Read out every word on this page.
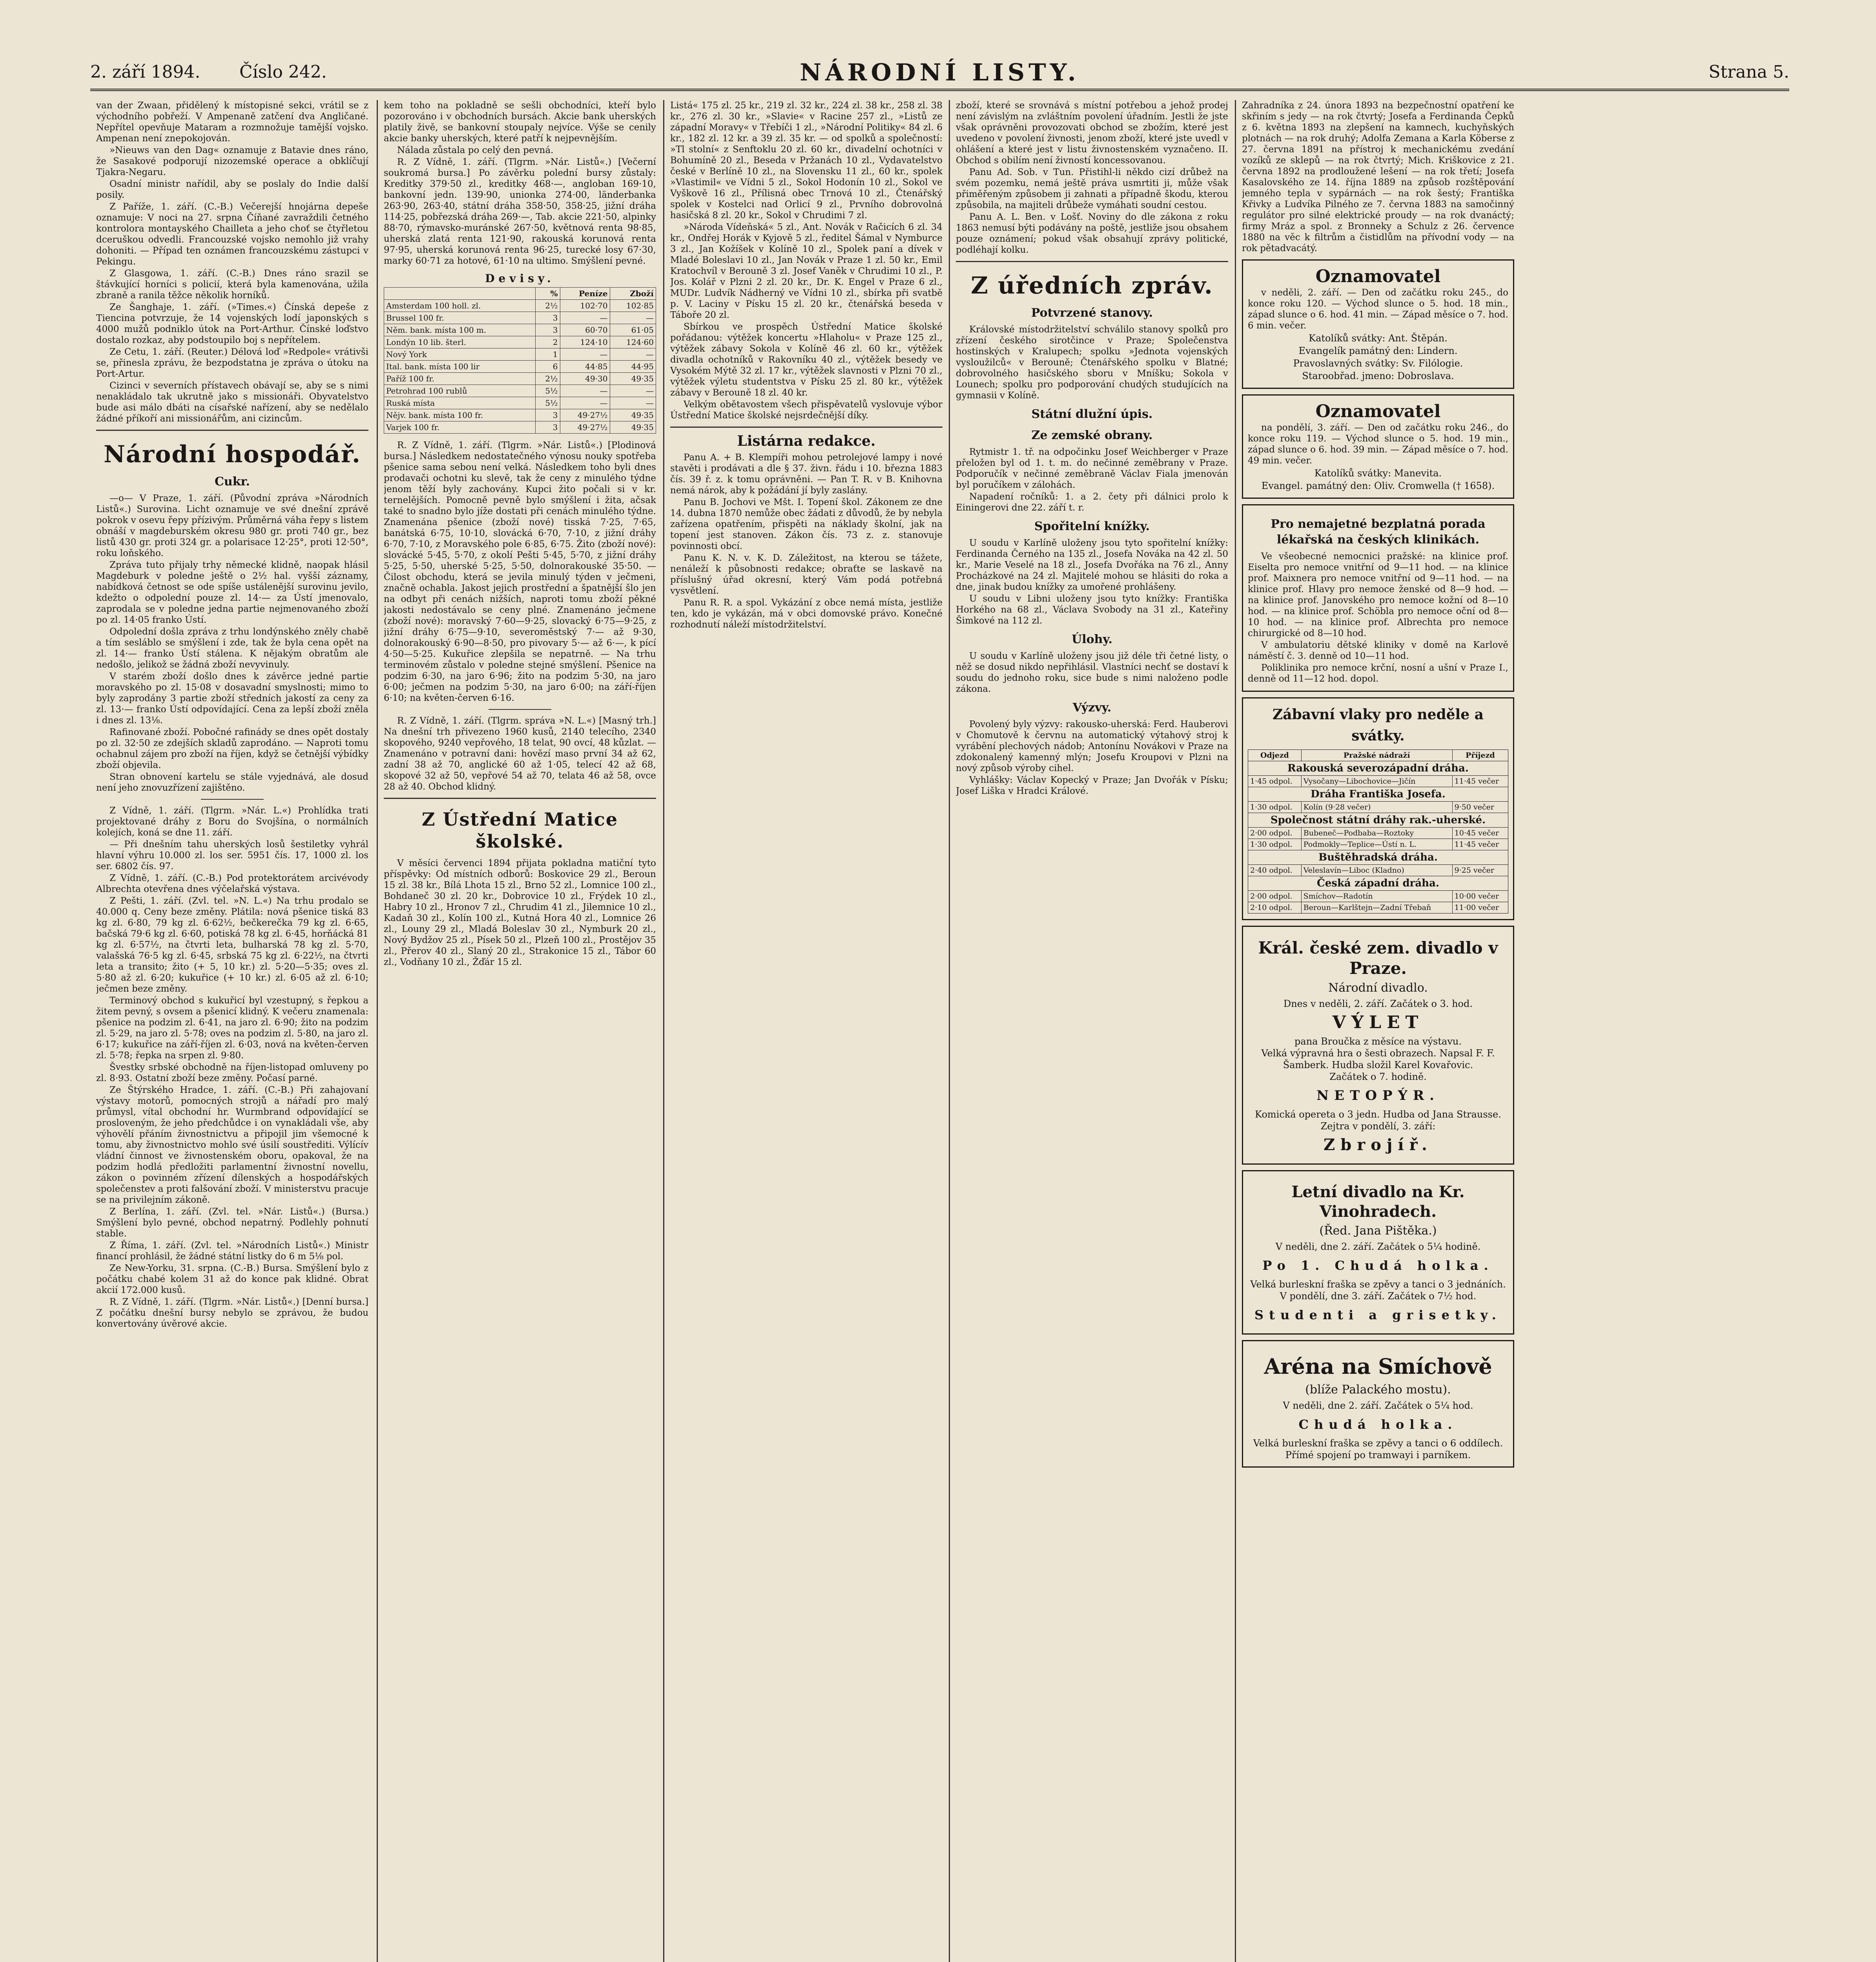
2. září 1894. Číslo 242.	NÁRODNÍ LISTY.	Strana 5.

van der Zwaan, přidělený k místopisné sekci, vrátil se z východního pobřeží. V Ampenaně zatčení dva Angličané. Nepřítel opevňuje Mataram a rozmnožuje tamější vojsko. Ampenan není znepokojován.

»Nieuws van den Dag« oznamuje z Batavie dnes ráno, že Sasakové podporují nizozemské operace a obklíčují Tjakra-Negaru.

Osadní ministr nařídil, aby se poslaly do Indie další posily.

Z Paříže, 1. září. (C.-B.) Večerejší hnojárna depeše oznamuje: V noci na 27. srpna Číňané zavraždili četného kontrolora montayského Chailleta a jeho choť se čtyřletou dceruškou odvedli. Francouzské vojsko nemohlo již vrahy dohoniti. — Případ ten oznámen francouzskému zástupci v Pekingu.

Z Glasgowa, 1. září. (C.-B.) Dnes ráno srazil se štávkující horníci s policií, která byla kamenována, užila zbraně a ranila těžce několik horníků.

Ze Šanghaje, 1. září. (»Times.«) Čínská depeše z Tiencina potvrzuje, že 14 vojenských lodí japonských s 4000 mužů podniklo útok na Port-Arthur. Čínské loďstvo dostalo rozkaz, aby podstoupilo boj s nepřítelem.

Ze Cetu, 1. září. (Reuter.) Délová loď »Redpole« vrátivši se, přinesla zprávu, že bezpodstatna je zpráva o útoku na Port-Artur.

Cizinci v severních přístavech obávají se, aby se s nimi nenakládalo tak ukrutně jako s missionáři. Obyvatelstvo bude asi málo dbáti na císařské nařízení, aby se nedělalo žádné příkoří ani missionářům, ani cizincům.

Národní hospodář.
Cukr.

—o— V Praze, 1. září. (Původní zpráva »Národních Listů«.) Surovina. Licht oznamuje ve své dnešní zprávě pokrok v osevu řepy přízivým. Průměrná váha řepy s listem obnáší v magdeburském okresu 980 gr. proti 740 gr., bez listů 430 gr. proti 324 gr. a polarisace 12·25°, proti 12·50°, roku loňského.

Zpráva tuto přijaly trhy německé klidně, naopak hlásil Magdeburk v poledne ještě o 2½ hal. vyšší záznamy, nabídková četnost se ode spíše ustálenější surovinu jevilo, kdežto o odpolední pouze zl. 14·— za Ústí jmenovalo, zaprodala se v poledne jedna partie nejmenovaného zboží po zl. 14·05 franko Ústí.

Odpolední došla zpráva z trhu londýnského zněly chabě a tím sesláblo se smýšlení i zde, tak že byla cena opět na zl. 14·— franko Ústí stálena. K nějakým obratům ale nedošlo, jelikož se žádná zboží nevyvinuly.

V starém zboží došlo dnes k závěrce jedné partie moravského po zl. 15·08 v dosavadní smyslnosti; mimo to byly zaprodány 3 partie zboží středních jakostí za ceny za zl. 13·— franko Ústí odpovídající. Cena za lepší zboží zněla i dnes zl. 13⅛.

Rafinované zboží. Pobočné rafinády se dnes opět dostaly po zl. 32·50 ze zdejších skladů zaprodáno. — Naproti tomu ochabnul zájem pro zboží na říjen, když se četnější výbídky zboží objevila.

Stran obnovení kartelu se stále vyjednává, ale dosud není jeho znovuzřízení zajištěno.

Z Vídně, 1. září. (Tlgrm. »Nár. L.«) Prohlídka trati projektované dráhy z Boru do Svojšína, o normálních kolejích, koná se dne 11. září.

— Při dnešním tahu uherských losů šestiletky vyhrál hlavní výhru 10.000 zl. los ser. 5951 čís. 17, 1000 zl. los ser. 6802 čís. 97.

Z Vídně, 1. září. (C.-B.) Pod protektorátem arcivévody Albrechta otevřena dnes výčelařská výstava.

Z Pešti, 1. září. (Zvl. tel. »N. L.«) Na trhu prodalo se 40.000 q. Ceny beze změny. Plátila: nová pšenice tiská 83 kg zl. 6·80, 79 kg zl. 6·62½, bečkerečka 79 kg zl. 6·65, bačská 79·6 kg zl. 6·60, potiská 78 kg zl. 6·45, horňácká 81 kg zl. 6·57½, na čtvrti leta, bulharská 78 kg zl. 5·70, valašská 76·5 kg zl. 6·45, srbská 75 kg zl. 6·22½, na čtvrti leta a transito; žito (+ 5, 10 kr.) zl. 5·20—5·35; oves zl. 5·80 až zl. 6·20; kukuřice (+ 10 kr.) zl. 6·05 až zl. 6·10; ječmen beze změny.

Terminový obchod s kukuřicí byl vzestupný, s řepkou a žitem pevný, s ovsem a pšenicí klidný. K večeru znamenala: pšenice na podzim zl. 6·41, na jaro zl. 6·90; žito na podzim zl. 5·29, na jaro zl. 5·78; oves na podzim zl. 5·80, na jaro zl. 6·17; kukuřice na září-říjen zl. 6·03, nová na květen-červen zl. 5·78; řepka na srpen zl. 9·80.

Švestky srbské obchodně na říjen-listopad omluveny po zl. 8·93. Ostatní zboží beze změny. Počasí parné.

Ze Štýrského Hradce, 1. září. (C.-B.) Při zahajovaní výstavy motorů, pomocných strojů a nářadí pro malý průmysl, vítal obchodní hr. Wurmbrand odpovídající se prosloveným, že jeho předchůdce i on vynakládali vše, aby výhovělí přáním živnostnictvu a připojil jim všemocné k tomu, aby živnostnictvo mohlo své úsilí soustřediti. Výlícív vládní činnost ve živnostenském oboru, opakoval, že na podzim hodlá předložiti parlamentní živnostní novellu, zákon o povinném zřízení dílenských a hospodářských společenstev a proti falšování zboží. V ministerstvu pracuje se na privilejním zákoně.

Z Berlína, 1. září. (Zvl. tel. »Nár. Listů«.) (Bursa.) Smýšlení bylo pevné, obchod nepatrný. Podlehly pohnutí stable.

Z Říma, 1. září. (Zvl. tel. »Národních Listů«.) Ministr financí prohlásil, že žádné státní listky do 6 m 5⅛ pol.

Ze New-Yorku, 31. srpna. (C.-B.) Bursa. Smýšlení bylo z počátku chabé kolem 31 až do konce pak klidné. Obrat akcií 172.000 kusů.

R. Z Vídně, 1. září. (Tlgrm. »Nár. Listů«.) [Denní bursa.] Z počátku dnešní bursy nebylo se zprávou, že budou konvertovány úvěrové akcie.

kem toho na pokladně se sešli obchodníci, kteří bylo pozorováno i v obchodních bursách. Akcie bank uherských platily živě, se bankovní stoupaly nejvíce. Výše se cenily akcie banky uherských, které patří k nejpevnějším.

Nálada zůstala po celý den pevná.

R. Z Vídně, 1. září. (Tlgrm. »Nár. Listů«.) [Večerní soukromá bursa.] Po závěrku polední bursy zůstaly: Kreditky 379·50 zl., kreditky 468·—, angloban 169·10, bankovní jedn. 139·90, unionka 274·00, länderbanka 263·90, 263·40, státní dráha 358·50, 358·25, jižní dráha 114·25, pobřezská dráha 269·—, Tab. akcie 221·50, alpinky 88·70, rýmavsko-muránské 267·50, květnová renta 98·85, uherská zlatá renta 121·90, rakouská korunová renta 97·95, uherská korunová renta 96·25, turecké losy 67·30, marky 60·71 za hotové, 61·10 na ultimo. Smýšlení pevné.

Devisy.
	%	Peníze	Zboží
Amsterdam 100 holl. zl.	2½	102·70	102·85
Brussel 100 fr.	3	—	—
Něm. bank. místa 100 m.	3	60·70	61·05
Londýn 10 lib. šterl.	2	124·10	124·60
Nový York	1	—	—
Ital. bank. místa 100 lir	6	44·85	44·95
Paříž 100 fr.	2½	49·30	49·35
Petrohrad 100 rublů	5½	—	—
Ruská místa	5½	—	—
Nějv. bank. místa 100 fr.	3	49·27½	49·35
Varjek 100 fr.	3	49·27½	49·35

R. Z Vídně, 1. září. (Tlgrm. »Nár. Listů«.) [Plodinová bursa.] Následkem nedostatečného výnosu nouky spotřeba pšenice sama sebou není velká. Následkem toho byli dnes prodavači ochotni ku slevě, tak že ceny z minulého týdne jenom těží byly zachovány. Kupci žito počali si v kr. ternelějších. Pomocně pevně bylo smýšlení i žita, ačsak také to snadno bylo jíže dostati při cenách minulého týdne. Znamenána pšenice (zboží nové) tisská 7·25, 7·65, banátská 6·75, 10·10, slovácká 6·70, 7·10, z jižní dráhy 6·70, 7·10, z Moravského pole 6·85, 6·75. Žito (zboží nové): slovácké 5·45, 5·70, z okolí Pešti 5·45, 5·70, z jižní dráhy 5·25, 5·50, uherské 5·25, 5·50, dolnorakouské 35·50. — Čilost obchodu, která se jevila minulý týden v ječmeni, značně ochabla. Jakost jejich prostřední a špatnější šlo jen na odbyt při cenách nižších, naproti tomu zboží pěkné jakosti nedostávalo se ceny plné. Znamenáno ječmene (zboží nové): moravský 7·60—9·25, slovacký 6·75—9·25, z jižní dráhy 6·75—9·10, severoměstský 7·— až 9·30, dolnorakouský 6·90—8·50, pro pivovary 5·— až 6·—, k pící 4·50—5·25. Kukuřice zlepšila se nepatrně. — Na trhu terminovém zůstalo v poledne stejné smýšlení. Pšenice na podzim 6·30, na jaro 6·96; žito na podzim 5·30, na jaro 6·00; ječmen na podzim 5·30, na jaro 6·00; na září-říjen 6·10; na květen-červen 6·16.

R. Z Vídně, 1. září. (Tlgrm. správa »N. L.«) [Masný trh.] Na dnešní trh přivezeno 1960 kusů, 2140 telecího, 2340 skopového, 9240 vepřového, 18 telat, 90 ovcí, 48 kůzlat. — Znamenáno v potravní dani: hovězí maso první 34 až 62, zadní 38 až 70, anglické 60 až 1·05, telecí 42 až 68, skopové 32 až 50, vepřové 54 až 70, telata 46 až 58, ovce 28 až 40. Obchod klidný.

Z Ústřední Matice školské.

V měsíci červenci 1894 přijata pokladna matiční tyto příspěvky: Od místních odborů: Boskovice 29 zl., Beroun 15 zl. 38 kr., Bílá Lhota 15 zl., Brno 52 zl., Lomnice 100 zl., Bohdaneč 30 zl. 20 kr., Dobrovice 10 zl., Frýdek 10 zl., Habry 10 zl., Hronov 7 zl., Chrudim 41 zl., Jilemnice 10 zl., Kadaň 30 zl., Kolín 100 zl., Kutná Hora 40 zl., Lomnice 26 zl., Louny 29 zl., Mladá Boleslav 30 zl., Nymburk 20 zl., Nový Bydžov 25 zl., Písek 50 zl., Plzeň 100 zl., Prostějov 35 zl., Přerov 40 zl., Slaný 20 zl., Strakonice 15 zl., Tábor 60 zl., Vodňany 10 zl., Žďár 15 zl.

Listá« 175 zl. 25 kr., 219 zl. 32 kr., 224 zl. 38 kr., 258 zl. 38 kr., 276 zl. 30 kr., »Slavie« v Racine 257 zl., »Listů ze západní Moravy« v Třebíči 1 zl., »Národní Politiky« 84 zl. 6 kr., 182 zl. 12 kr. a 39 zl. 35 kr. — od spolků a společností: »Tl stolní« z Senftoklu 20 zl. 60 kr., divadelní ochotníci v Bohumíně 20 zl., Beseda v Pržanách 10 zl., Vydavatelstvo české v Berlíně 10 zl., na Slovensku 11 zl., 60 kr., spolek »Vlastimil« ve Vídni 5 zl., Sokol Hodonín 10 zl., Sokol ve Vyškově 16 zl., Přílisná obec Trnová 10 zl., Čtenářský spolek v Kostelci nad Orlicí 9 zl., Prvního dobrovolná hasičská 8 zl. 20 kr., Sokol v Chrudimi 7 zl.

»Národa Vídeňská« 5 zl., Ant. Novák v Račicích 6 zl. 34 kr., Ondřej Horák v Kyjově 5 zl., ředitel Šámal v Nymburce 3 zl., Jan Kožíšek v Kolíně 10 zl., Spolek paní a dívek v Mladé Boleslavi 10 zl., Jan Novák v Praze 1 zl. 50 kr., Emil Kratochvíl v Berouně 3 zl. Josef Vaněk v Chrudimi 10 zl., P. Jos. Kolář v Plzni 2 zl. 20 kr., Dr. K. Engel v Praze 6 zl., MUDr. Ludvík Nádherný ve Vídni 10 zl., sbírka při svatbě p. V. Laciny v Písku 15 zl. 20 kr., čtenářská beseda v Táboře 20 zl.

Sbírkou ve prospěch Ústřední Matice školské pořádanou: výtěžek koncertu »Hlaholu« v Praze 125 zl., výtěžek zábavy Sokola v Kolíně 46 zl. 60 kr., výtěžek divadla ochotníků v Rakovníku 40 zl., výtěžek besedy ve Vysokém Mýtě 32 zl. 17 kr., výtěžek slavnosti v Plzni 70 zl., výtěžek výletu studentstva v Písku 25 zl. 80 kr., výtěžek zábavy v Berouně 18 zl. 40 kr.

Velkým obětavostem všech přispěvatelů vyslovuje výbor Ústřední Matice školské nejsrdečnější díky.

Listárna redakce.

Panu A. + B. Klempíři mohou petrolejové lampy i nové stavěti i prodávati a dle § 37. živn. řádu i 10. března 1883 čís. 39 ř. z. k tomu oprávněni. — Pan T. R. v B. Knihovna nemá nárok, aby k požádání jí byly zaslány.

Panu B. Jochovi ve Mšt. I. Topení škol. Zákonem ze dne 14. dubna 1870 nemůže obec žádati z důvodů, že by nebyla zařízena opatřením, přispěti na náklady školní, jak na topení jest stanoven. Zákon čís. 73 z. z. stanovuje povinnosti obcí.

Panu K. N. v. K. D. Záležitost, na kterou se tážete, nenáleží k působnosti redakce; obraťte se laskavě na příslušný úřad okresní, který Vám podá potřebná vysvětlení.

Panu R. R. a spol. Vykázání z obce nemá místa, jestliže ten, kdo je vykázán, má v obci domovské právo. Konečné rozhodnutí náleží místodržitelství.

zboží, které se srovnává s místní potřebou a jehož prodej není závislým na zvláštním povolení úřadním. Jestli že jste však oprávněni provozovati obchod se zbožím, které jest uvedeno v povolení živnosti, jenom zboží, které jste uvedl v ohlášení a které jest v listu živnostenském vyznačeno. II. Obchod s obilím není živností koncessovanou.

Panu Ad. Sob. v Tun. Přistihl-li někdo cizí drůbež na svém pozemku, nemá ještě práva usmrtiti ji, může však přiměřeným způsobem ji zahnati a případně škodu, kterou způsobila, na majiteli drůbeže vymáhati soudní cestou.

Panu A. L. Ben. v Lošť. Noviny do dle zákona z roku 1863 nemusí býti podávány na poště, jestliže jsou obsahem pouze oznámení; pokud však obsahují zprávy politické, podléhají kolku.

Z úředních zpráv.
Potvrzené stanovy.

Královské místodržitelství schválilo stanovy spolků pro zřízení českého sirotčince v Praze; Společenstva hostinských v Kralupech; spolku »Jednota vojenských vysloužilců« v Berouně; Čtenářského spolku v Blatné; dobrovolného hasičského sboru v Mníšku; Sokola v Lounech; spolku pro podporování chudých studujících na gymnasii v Kolíně.

Státní dlužní úpis.
Ze zemské obrany.

Rytmistr 1. tř. na odpočinku Josef Weichberger v Praze přeložen byl od 1. t. m. do nečinné zeměbrany v Praze. Podporučík v nečinné zeměbraně Václav Fiala jmenován byl poručíkem v zálohách.

Napadení ročníků: 1. a 2. čety při dálnici prolo k Einingerovi dne 22. září t. r.

Spořitelní knížky.

U soudu v Karlíně uloženy jsou tyto spořitelní knížky: Ferdinanda Černého na 135 zl., Josefa Nováka na 42 zl. 50 kr., Marie Veselé na 18 zl., Josefa Dvořáka na 76 zl., Anny Procházkové na 24 zl. Majitelé mohou se hlásiti do roka a dne, jinak budou knížky za umořené prohlášeny.

U soudu v Libni uloženy jsou tyto knížky: Františka Horkého na 68 zl., Václava Svobody na 31 zl., Kateřiny Šimkové na 112 zl.

Úlohy.

U soudu v Karlíně uloženy jsou již déle tři četné listy, o něž se dosud nikdo nepřihlásil. Vlastníci nechť se dostaví k soudu do jednoho roku, sice bude s nimi naloženo podle zákona.

Výzvy.

Povolený byly výzvy: rakousko-uherská: Ferd. Hauberovi v Chomutově k červnu na automatický výtahový stroj k vyrábění plechových nádob; Antonínu Novákovi v Praze na zdokonalený kamenný mlýn; Josefu Kroupovi v Plzni na nový způsob výroby cihel.

Vyhlášky: Václav Kopecký v Praze; Jan Dvořák v Písku; Josef Liška v Hradci Králové.

Zahradníka z 24. února 1893 na bezpečnostní opatření ke skřiním s jedy — na rok čtvrtý; Josefa a Ferdinanda Čepků z 6. května 1893 na zlepšení na kamnech, kuchyňských plotnách — na rok druhý; Adolfa Zemana a Karla Köberse z 27. června 1891 na přístroj k mechanickému zvedání vozíků ze sklepů — na rok čtvrtý; Mich. Kriškovice z 21. června 1892 na prodloužené lešení — na rok třetí; Josefa Kasalovského ze 14. října 1889 na způsob rozštěpování jemného tepla v sypárnách — na rok šestý; Františka Křivky a Ludvíka Pilného ze 7. června 1883 na samočinný regulátor pro silné elektrické proudy — na rok dvanáctý; firmy Mráz a spol. z Bronneky a Schulz z 26. července 1880 na věc k filtrům a čistidlům na přívodní vody — na rok pětadvacátý.

Oznamovatel

v neděli, 2. září. — Den od začátku roku 245., do konce roku 120. — Východ slunce o 5. hod. 18 min., západ slunce o 6. hod. 41 min. — Západ měsíce o 7. hod. 6 min. večer.

Katolíků svátky: Ant. Štěpán.
Evangelík památný den: Lindern.
Pravoslavných svátky: Sv. Filólogie.
Staroobřad. jmeno: Dobroslava.
Oznamovatel

na pondělí, 3. září. — Den od začátku roku 246., do konce roku 119. — Východ slunce o 5. hod. 19 min., západ slunce o 6. hod. 39 min. — Západ měsíce o 7. hod. 49 min. večer.

Katolíků svátky: Manevita.
Evangel. památný den: Oliv. Cromwella († 1658).
Pro nemajetné bezplatná porada lékařská na českých klinikách.

Ve všeobecné nemocnici pražské: na klinice prof. Eiselta pro nemoce vnitřní od 9—11 hod. — na klinice prof. Maixnera pro nemoce vnitřní od 9—11 hod. — na klinice prof. Hlavy pro nemoce ženské od 8—9 hod. — na klinice prof. Janovského pro nemoce kožní od 8—10 hod. — na klinice prof. Schöbla pro nemoce oční od 8—10 hod. — na klinice prof. Albrechta pro nemoce chirurgické od 8—10 hod.

V ambulatoriu dětské kliniky v domě na Karlově náměstí č. 3. denně od 10—11 hod.

Poliklinika pro nemoce krční, nosní a ušní v Praze I., denně od 11—12 hod. dopol.

Zábavní vlaky pro neděle a svátky.
Odjezd	Pražské nádraží	Příjezd
Rakouská severozápadní dráha.		
1·45 odpol.	Vysočany—Libochovice—Jičín	11·45 večer
Dráha Františka Josefa.		
1·30 odpol.	Kolín (9·28 večer)	9·50 večer
Společnost státní dráhy rak.-uherské.		
2·00 odpol.	Bubeneč—Podbaba—Roztoky	10·45 večer
1·30 odpol.	Podmokly—Teplice—Ústí n. L.	11·45 večer
Buštěhradská dráha.		
2·40 odpol.	Veleslavín—Liboc (Kladno)	9·25 večer
Česká západní dráha.		
2·00 odpol.	Smíchov—Radotín	10·00 večer
2·10 odpol.	Beroun—Karlštejn—Zadní Třebaň	11·00 večer
Král. české zem. divadlo v Praze.
Národní divadlo.
Dnes v neděli, 2. září. Začátek o 3. hod.
VÝLET
pana Broučka z měsíce na výstavu.
Velká výpravná hra o šesti obrazech. Napsal F. F. Šamberk. Hudba složil Karel Kovařovic.
Začátek o 7. hodině.
NETOPÝR.
Komická opereta o 3 jedn. Hudba od Jana Strausse.
Zejtra v pondělí, 3. září:
Zbrojíř.
Letní divadlo na Kr. Vinohradech.
(Řed. Jana Pištěka.)
V neděli, dne 2. září. Začátek o 5¼ hodině.
Po 1. Chudá holka.
Velká burleskní fraška se zpěvy a tanci o 3 jednáních.
V pondělí, dne 3. září. Začátek o 7½ hod.
Studenti a grisetky.
Aréna na Smíchově
(blíže Palackého mostu).
V neděli, dne 2. září. Začátek o 5¼ hod.
Chudá holka.
Velká burleskní fraška se zpěvy a tanci o 6 oddílech.
Přímé spojení po tramwayi i parníkem.
